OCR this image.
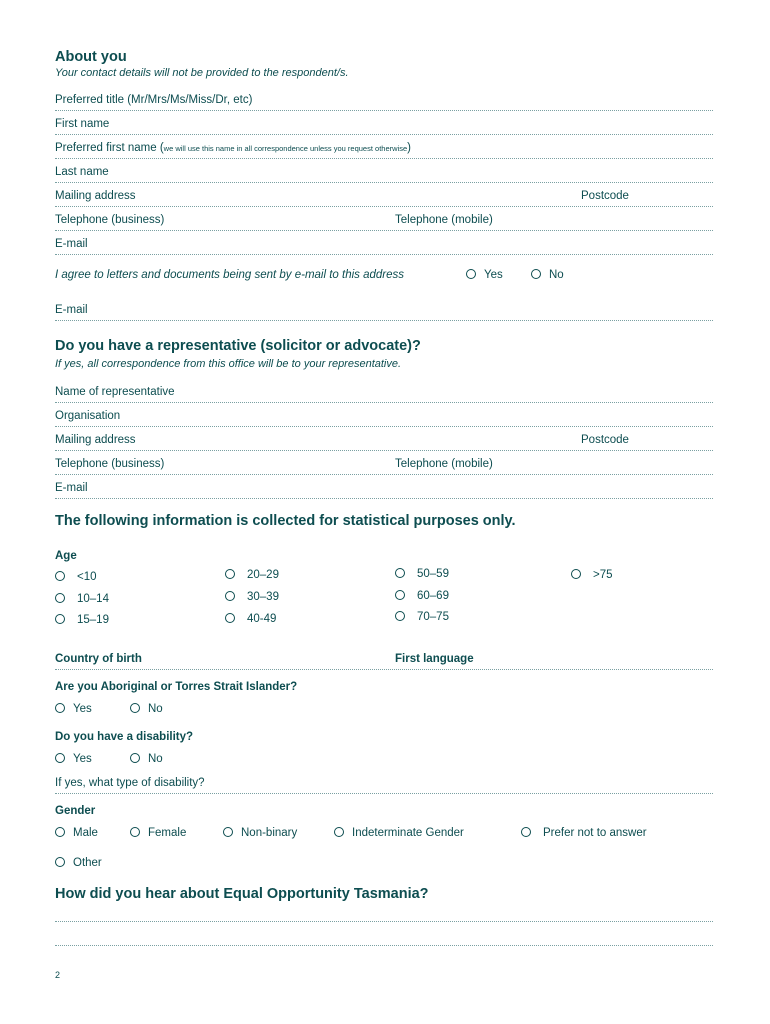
About you
Your contact details will not be provided to the respondent/s.
Preferred title (Mr/Mrs/Ms/Miss/Dr, etc)
First name
Preferred first name (we will use this name in all correspondence unless you request otherwise)
Last name
Mailing address	Postcode
Telephone (business)	Telephone (mobile)
E-mail
I agree to letters and documents being sent by e-mail to this address	Yes	No
E-mail
Do you have a representative (solicitor or advocate)?
If yes, all correspondence from this office will be to your representative.
Name of representative
Organisation
Mailing address	Postcode
Telephone (business)	Telephone (mobile)
E-mail
The following information is collected for statistical purposes only.
Age
<10
10–14
15–19
20–29
30–39
40-49
50–59
60–69
70–75
>75
Country of birth	First language
Are you Aboriginal or Torres Strait Islander?
Yes	No
Do you have a disability?
Yes	No
If yes, what type of disability?
Gender
Male	Female	Non-binary	Indeterminate Gender	Prefer not to answer
Other
How did you hear about Equal Opportunity Tasmania?
2
